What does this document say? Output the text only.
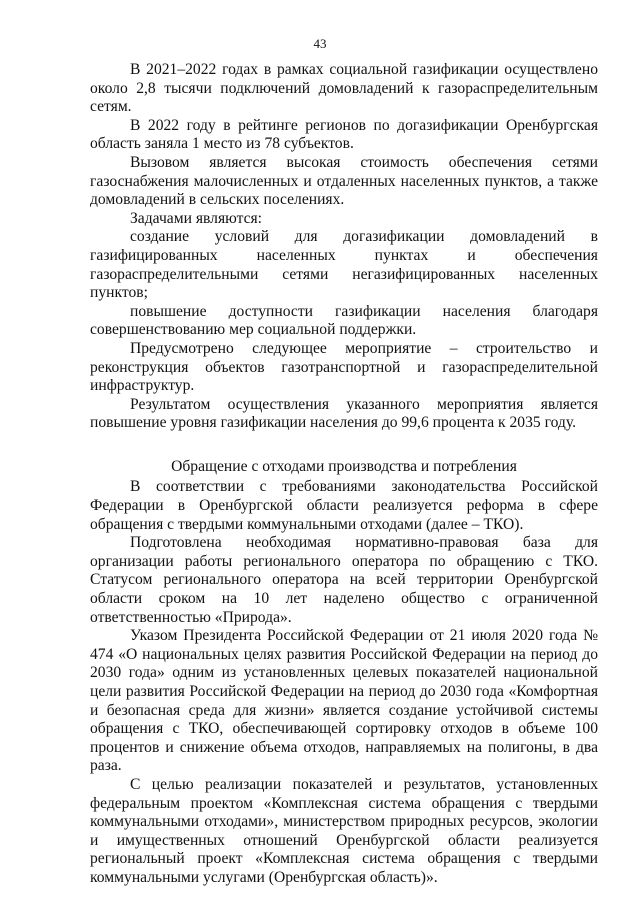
43

В 2021–2022 годах в рамках социальной газификации осуществлено около 2,8 тысячи подключений домовладений к газораспределительным сетям.

В 2022 году в рейтинге регионов по догазификации Оренбургская область заняла 1 место из 78 субъектов.

Вызовом является высокая стоимость обеспечения сетями газоснабжения малочисленных и отдаленных населенных пунктов, а также домовладений в сельских поселениях.

Задачами являются:

создание условий для догазификации домовладений в газифицированных населенных пунктах и обеспечения газораспределительными сетями негазифицированных населенных пунктов;

повышение доступности газификации населения благодаря совершенствованию мер социальной поддержки.

Предусмотрено следующее мероприятие – строительство и реконструкция объектов газотранспортной и газораспределительной инфраструктур.

Результатом осуществления указанного мероприятия является повышение уровня газификации населения до 99,6 процента к 2035 году.

Обращение с отходами производства и потребления

В соответствии с требованиями законодательства Российской Федерации в Оренбургской области реализуется реформа в сфере обращения с твердыми коммунальными отходами (далее – ТКО).

Подготовлена необходимая нормативно-правовая база для организации работы регионального оператора по обращению с ТКО. Статусом регионального оператора на всей территории Оренбургской области сроком на 10 лет наделено общество с ограниченной ответственностью «Природа».

Указом Президента Российской Федерации от 21 июля 2020 года № 474 «О национальных целях развития Российской Федерации на период до 2030 года» одним из установленных целевых показателей национальной цели развития Российской Федерации на период до 2030 года «Комфортная и безопасная среда для жизни» является создание устойчивой системы обращения с ТКО, обеспечивающей сортировку отходов в объеме 100 процентов и снижение объема отходов, направляемых на полигоны, в два раза.

С целью реализации показателей и результатов, установленных федеральным проектом «Комплексная система обращения с твердыми коммунальными отходами», министерством природных ресурсов, экологии и имущественных отношений Оренбургской области реализуется региональный проект «Комплексная система обращения с твердыми коммунальными услугами (Оренбургская область)».
